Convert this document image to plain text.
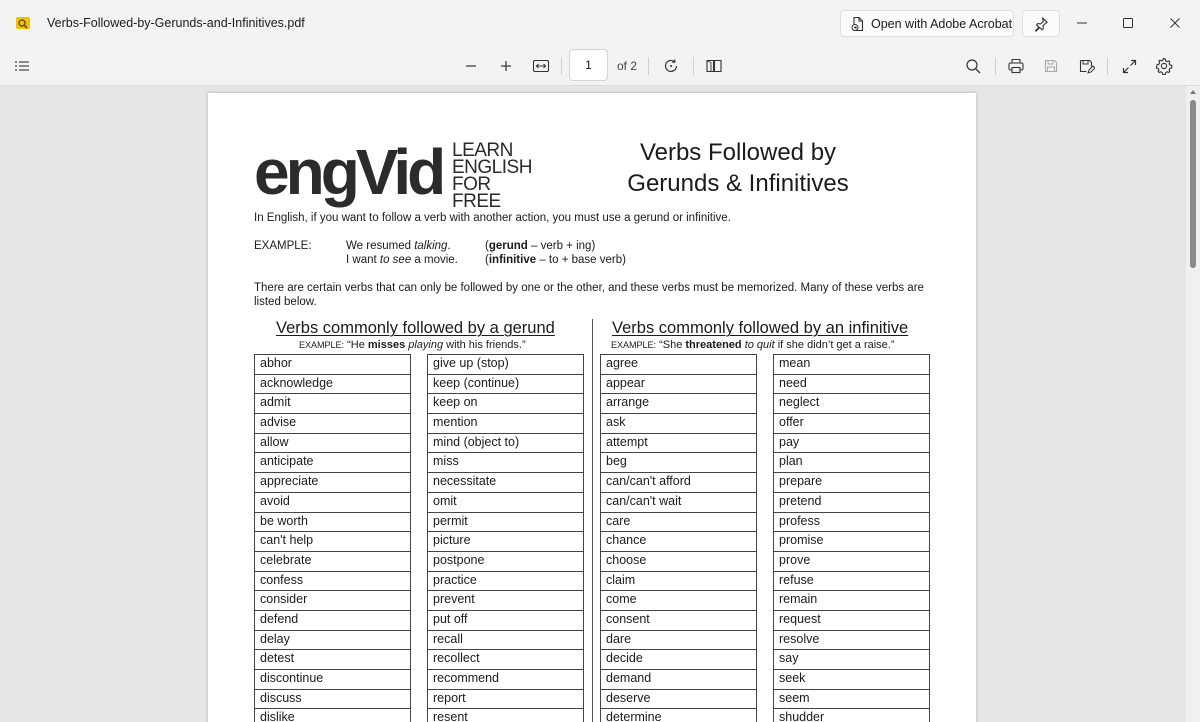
Verbs-Followed-by-Gerunds-and-Infinitives.pdf	Open with Adobe Acrobat
1
of 2
engVid LEARN
ENGLISH
FOR FREE
Verbs Followed by
Gerunds & Infinitives
In English, if you want to follow a verb with another action, you must use a gerund or infinitive.
EXAMPLE:	We resumed talking.
I want to see a movie.
(gerund – verb + ing)
(infinitive – to + base verb)
There are certain verbs that can only be followed by one or the other, and these verbs must be memorized. Many of these verbs are listed below.
Verbs commonly followed by a gerund
EXAMPLE: “He misses playing with his friends.”
Verbs commonly followed by an infinitive
EXAMPLE: “She threatened to quit if she didn’t get a raise.”
abhor
acknowledge
admit
advise
allow
anticipate
appreciate
avoid
be worth
can't help
celebrate
confess
consider
defend
delay
detest
discontinue
discuss
dislike
give up (stop)
keep (continue)
keep on
mention
mind (object to)
miss
necessitate
omit
permit
picture
postpone
practice
prevent
put off
recall
recollect
recommend
report
resent
agree
appear
arrange
ask
attempt
beg
can/can't afford
can/can't wait
care
chance
choose
claim
come
consent
dare
decide
demand
deserve
determine
mean
need
neglect
offer
pay
plan
prepare
pretend
profess
promise
prove
refuse
remain
request
resolve
say
seek
seem
shudder
